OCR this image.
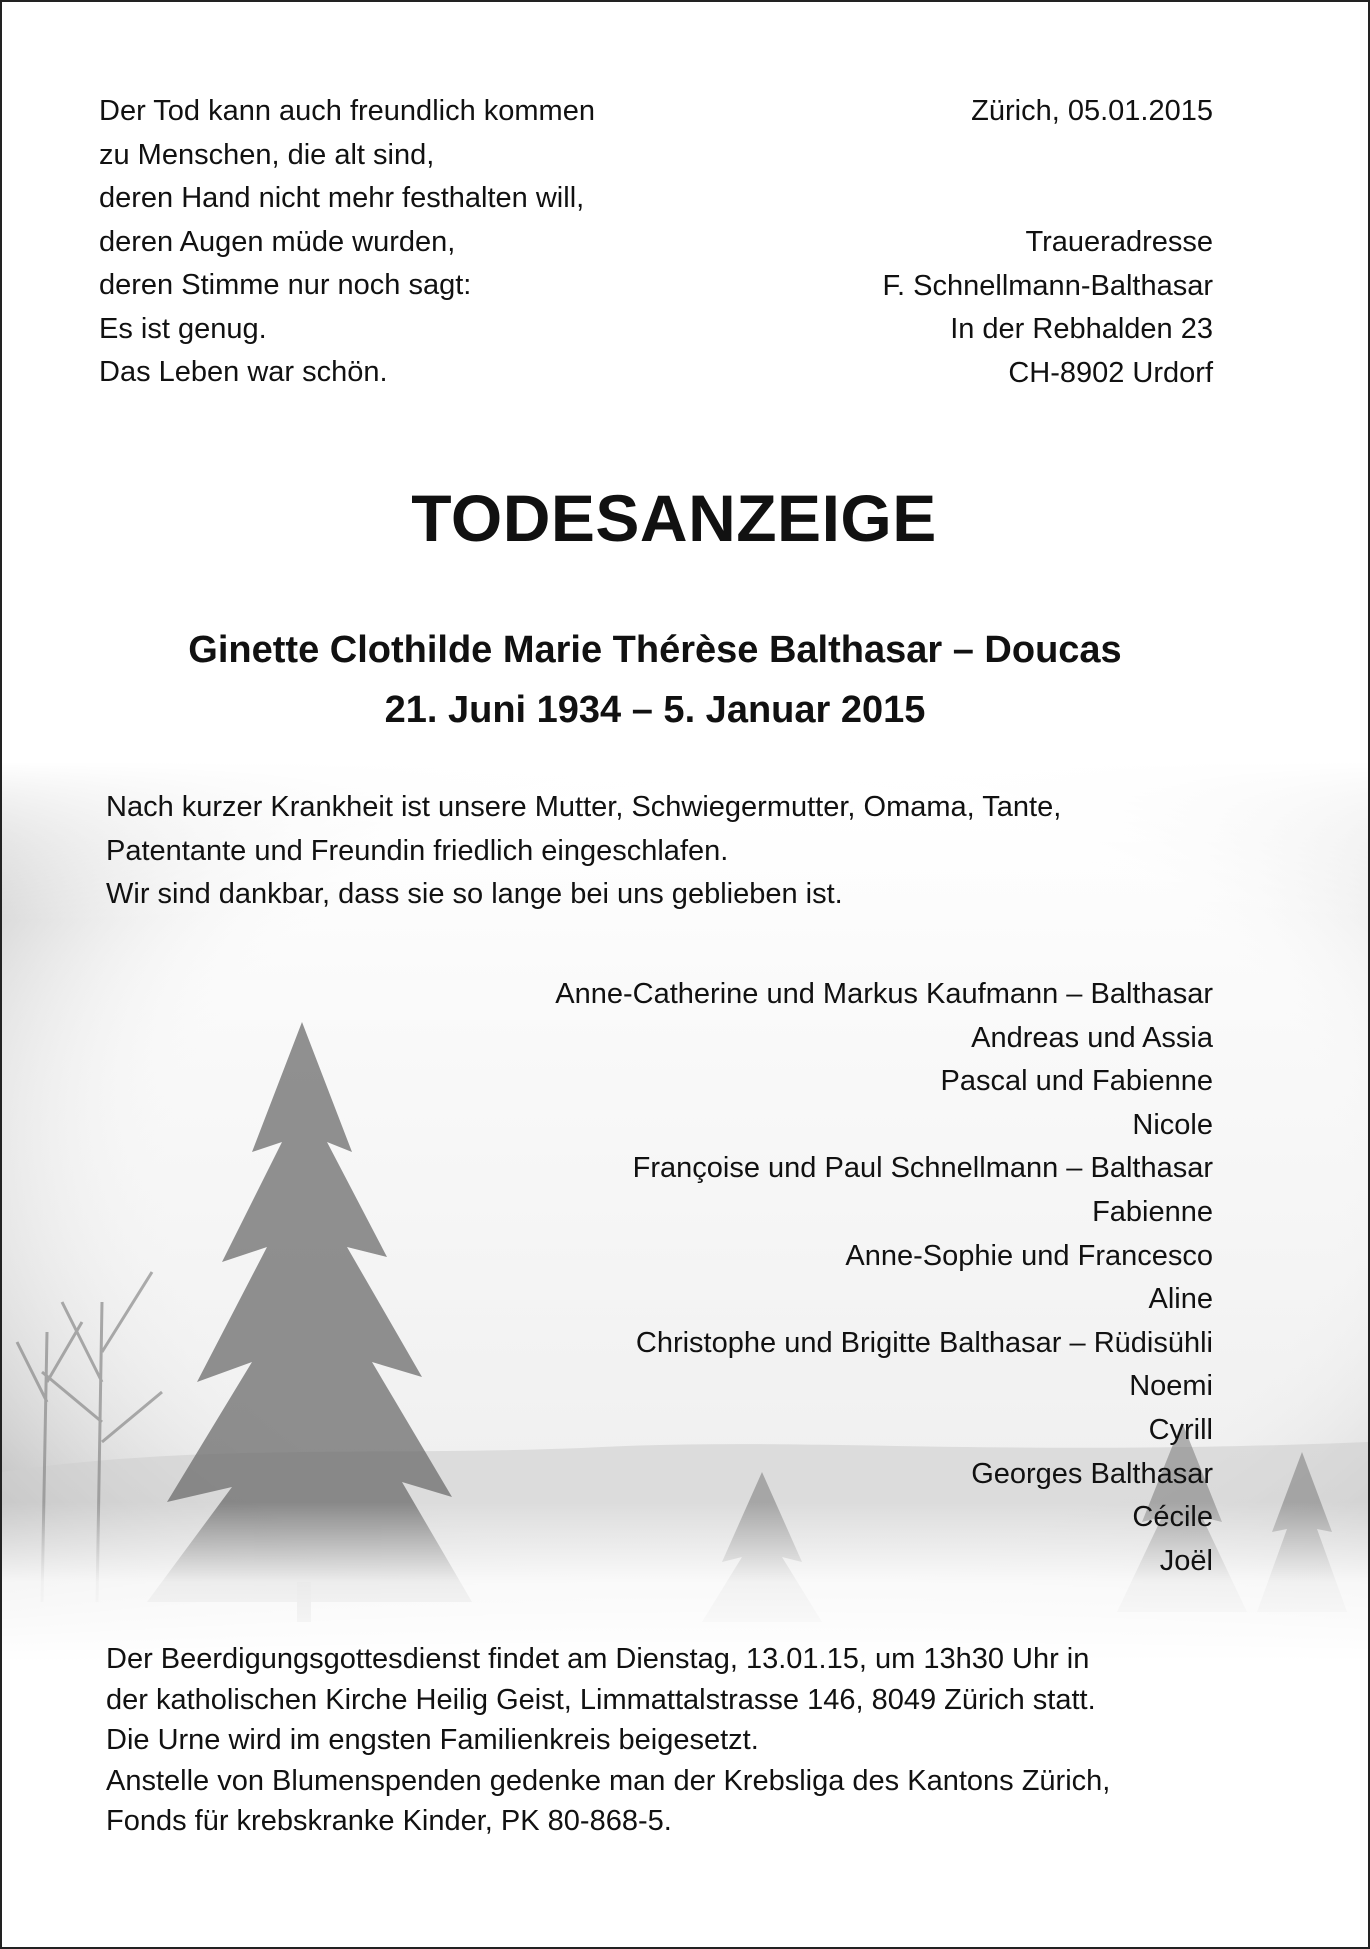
Der Tod kann auch freundlich kommen
zu Menschen, die alt sind,
deren Hand nicht mehr festhalten will,
deren Augen müde wurden,
deren Stimme nur noch sagt:
Es ist genug.
Das Leben war schön.
Zürich, 05.01.2015
Traueradresse
F. Schnellmann-Balthasar
In der Rebhalden 23
CH-8902 Urdorf
TODESANZEIGE
Ginette Clothilde Marie Thérèse Balthasar – Doucas
21. Juni 1934 – 5. Januar 2015
Nach kurzer Krankheit ist unsere Mutter, Schwiegermutter, Omama, Tante,
Patentante und Freundin friedlich eingeschlafen.
Wir sind dankbar, dass sie so lange bei uns geblieben ist.
Anne-Catherine und Markus Kaufmann – Balthasar
Andreas und Assia
Pascal und Fabienne
Nicole
Françoise und Paul Schnellmann – Balthasar
Fabienne
Anne-Sophie und Francesco
Aline
Christophe und Brigitte Balthasar – Rüdisühli
Noemi
Cyrill
Georges Balthasar
Cécile
Joël
Der Beerdigungsgottesdienst findet am Dienstag, 13.01.15, um 13h30 Uhr in
der katholischen Kirche Heilig Geist, Limmattalstrasse 146, 8049 Zürich statt.
Die Urne wird im engsten Familienkreis beigesetzt.
Anstelle von Blumenspenden gedenke man der Krebsliga des Kantons Zürich,
Fonds für krebskranke Kinder, PK 80-868-5.
